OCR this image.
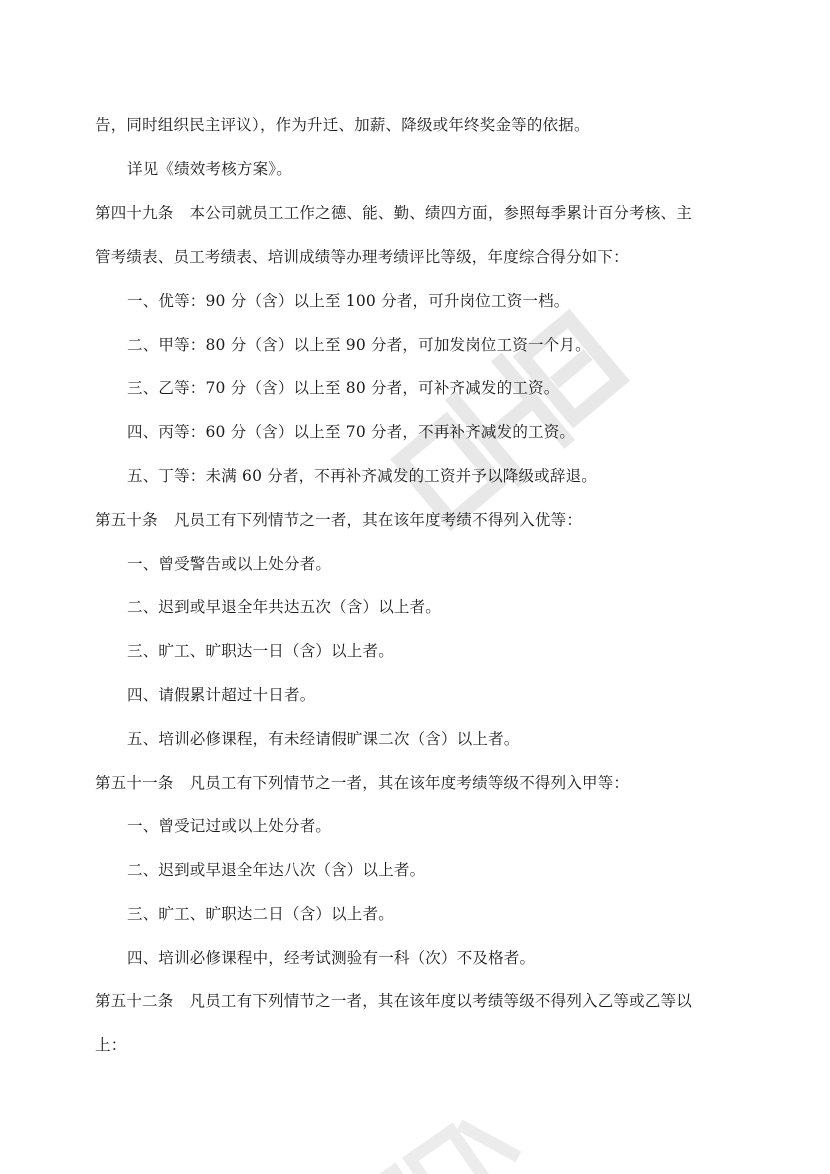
告，同时组织民主评议），作为升迁、加薪、降级或年终奖金等的依据。
详见《绩效考核方案》。
第四十九条 本公司就员工工作之德、能、勤、绩四方面，参照每季累计百分考核、主
管考绩表、员工考绩表、培训成绩等办理考绩评比等级，年度综合得分如下：
一、优等：90 分（含）以上至 100 分者，可升岗位工资一档。
二、甲等：80 分（含）以上至 90 分者，可加发岗位工资一个月。
三、乙等：70 分（含）以上至 80 分者，可补齐减发的工资。
四、丙等：60 分（含）以上至 70 分者，不再补齐减发的工资。
五、丁等：未满 60 分者，不再补齐减发的工资并予以降级或辞退。
第五十条 凡员工有下列情节之一者，其在该年度考绩不得列入优等：
一、曾受警告或以上处分者。
二、迟到或早退全年共达五次（含）以上者。
三、旷工、旷职达一日（含）以上者。
四、请假累计超过十日者。
五、培训必修课程，有未经请假旷课二次（含）以上者。
第五十一条 凡员工有下列情节之一者，其在该年度考绩等级不得列入甲等：
一、曾受记过或以上处分者。
二、迟到或早退全年达八次（含）以上者。
三、旷工、旷职达二日（含）以上者。
四、培训必修课程中，经考试测验有一科（次）不及格者。
第五十二条 凡员工有下列情节之一者，其在该年度以考绩等级不得列入乙等或乙等以
上：
